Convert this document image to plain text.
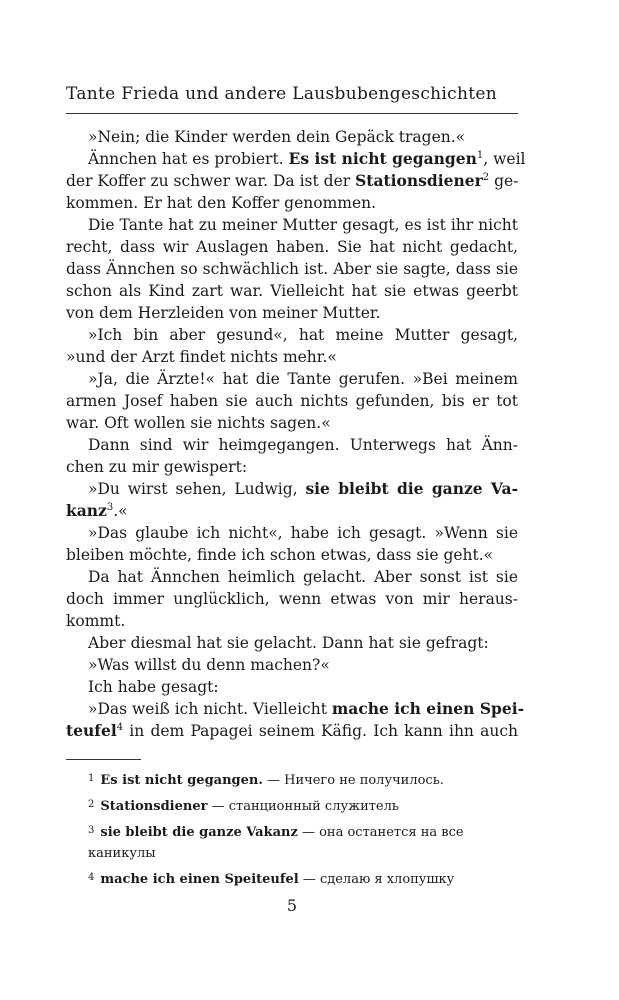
Tante Frieda und andere Lausbubengeschichten
»Nein; die Kinder werden dein Gepäck tragen.«
Ännchen hat es probiert. Es ist nicht gegangen$^1$, weil
der Koffer zu schwer war. Da ist der Stationsdiener$^2$ ge-
kommen. Er hat den Koffer genommen.
Die Tante hat zu meiner Mutter gesagt, es ist ihr nicht
recht, dass wir Auslagen haben. Sie hat nicht gedacht,
dass Ännchen so schwächlich ist. Aber sie sagte, dass sie
schon als Kind zart war. Vielleicht hat sie etwas geerbt
von dem Herzleiden von meiner Mutter.
»Ich bin aber gesund«, hat meine Mutter gesagt,
»und der Arzt findet nichts mehr.«
»Ja, die Ärzte!« hat die Tante gerufen. »Bei meinem
armen Josef haben sie auch nichts gefunden, bis er tot
war. Oft wollen sie nichts sagen.«
Dann sind wir heimgegangen. Unterwegs hat Änn-
chen zu mir gewispert:
»Du wirst sehen, Ludwig, sie bleibt die ganze Va-
kanz$^3$.«
»Das glaube ich nicht«, habe ich gesagt. »Wenn sie
bleiben möchte, finde ich schon etwas, dass sie geht.«
Da hat Ännchen heimlich gelacht. Aber sonst ist sie
doch immer unglücklich, wenn etwas von mir heraus-
kommt.
Aber diesmal hat sie gelacht. Dann hat sie gefragt:
»Was willst du denn machen?«
Ich habe gesagt:
»Das weiß ich nicht. Vielleicht mache ich einen Spei-
teufel$^4$ in dem Papagei seinem Käfig. Ich kann ihn auch
$^1$ Es ist nicht gegangen. — Ничего не получилось.
$^2$ Stationsdiener — станционный служитель
$^3$ sie bleibt die ganze Vakanz — она останется на все каникулы
$^4$ mache ich einen Speiteufel — сделаю я хлопушку
5
